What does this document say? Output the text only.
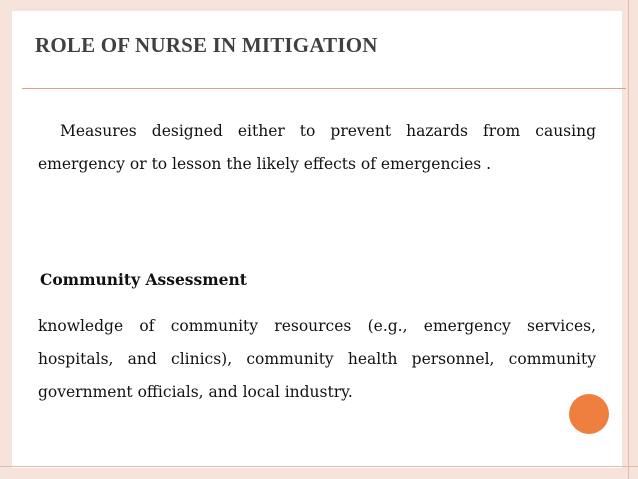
ROLE OF NURSE IN MITIGATION

Measures designed either to prevent hazards from causing emergency or to lesson the likely effects of emergencies .

Community Assessment

knowledge of community resources (e.g., emergency services, hospitals, and clinics), community health personnel, community government officials, and local industry.
